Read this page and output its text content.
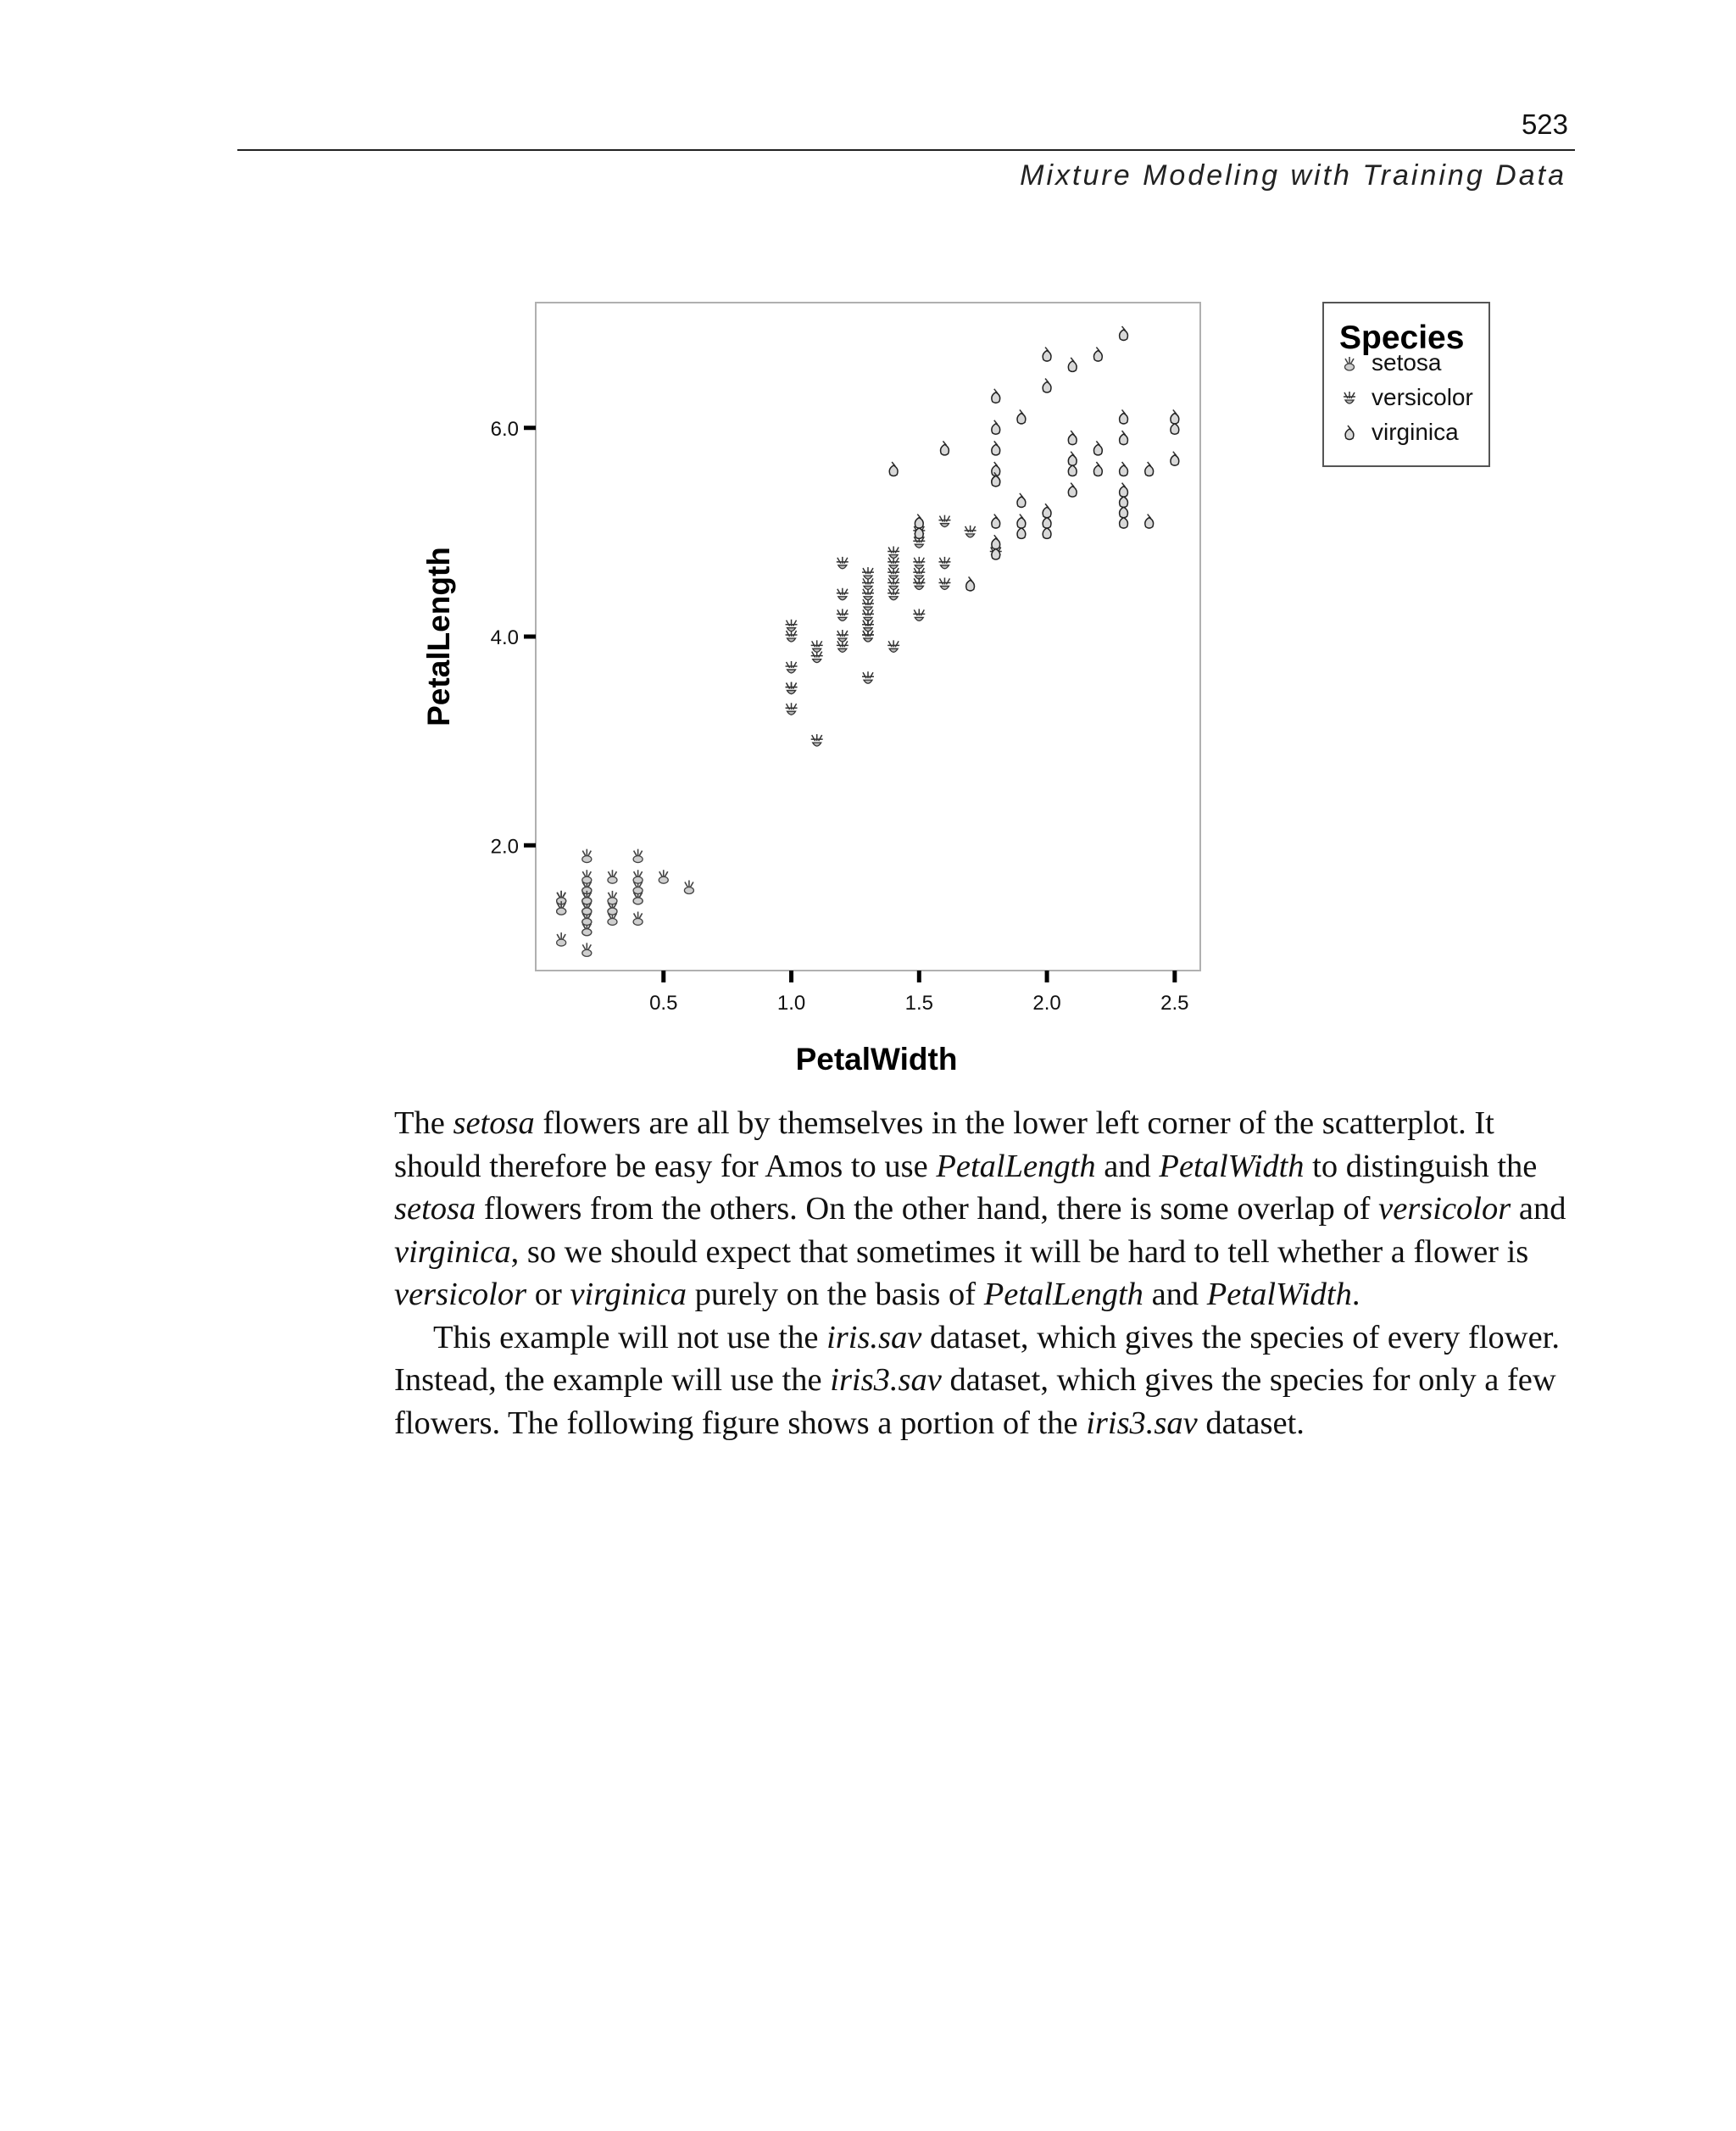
523
Mixture Modeling with Training Data
2.0
4.0
6.0
0.5	1.0	1.5	2.0	2.5
PetalWidth
PetalLength
Species
setosa
versicolor
virginica

The setosa flowers are all by themselves in the lower left corner of the scatterplot. It should therefore be easy for Amos to use PetalLength and PetalWidth to distinguish the setosa flowers from the others. On the other hand, there is some overlap of versicolor and virginica, so we should expect that sometimes it will be hard to tell whether a flower is versicolor or virginica purely on the basis of PetalLength and PetalWidth.

This example will not use the iris.sav dataset, which gives the species of every flower. Instead, the example will use the iris3.sav dataset, which gives the species for only a few flowers. The following figure shows a portion of the iris3.sav dataset.
